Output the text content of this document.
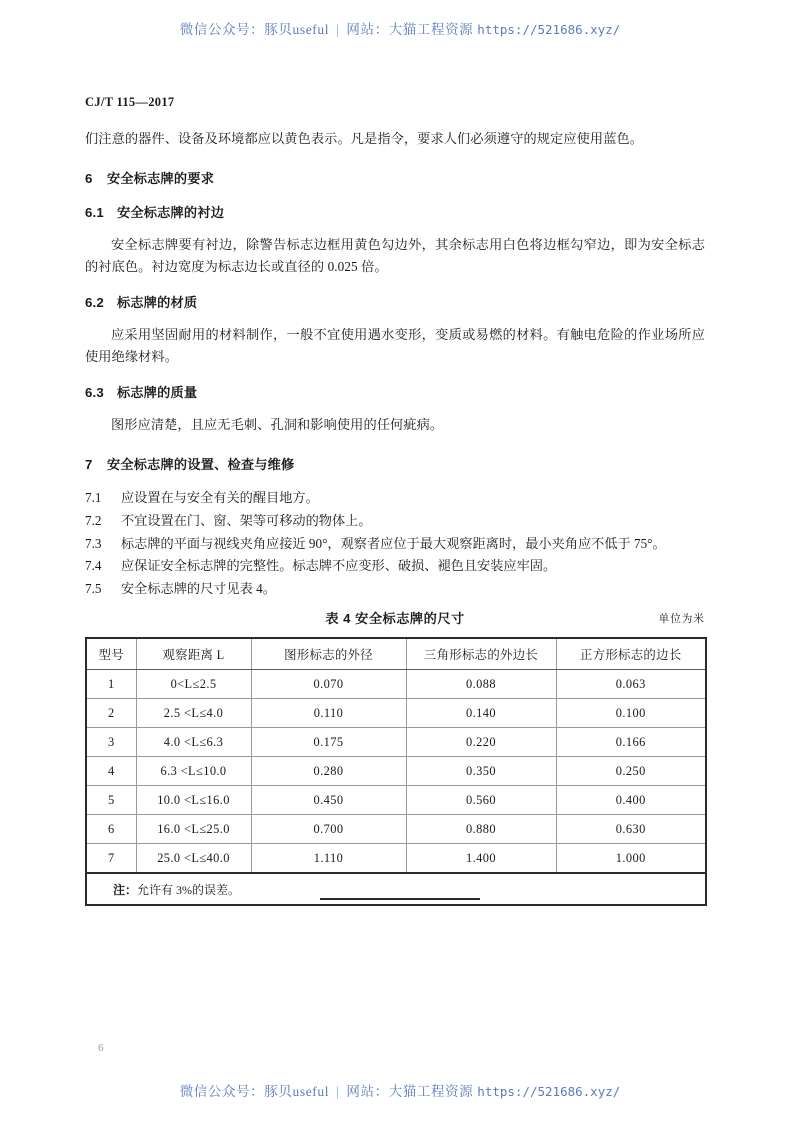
微信公众号：豚贝useful | 网站：大猫工程资源 https://521686.xyz/
CJ/T 115—2017

们注意的器件、设备及环境都应以黄色表示。凡是指令，要求人们必须遵守的规定应使用蓝色。

6 安全标志牌的要求
6.1 安全标志牌的衬边

安全标志牌要有衬边，除警告标志边框用黄色勾边外，其余标志用白色将边框勾窄边，即为安全标志的衬底色。衬边宽度为标志边长或直径的 0.025 倍。

6.2 标志牌的材质

应采用坚固耐用的材料制作，一般不宜使用遇水变形，变质或易燃的材料。有触电危险的作业场所应使用绝缘材料。

6.3 标志牌的质量

图形应清楚，且应无毛刺、孔洞和影响使用的任何疵病。

7 安全标志牌的设置、检查与维修
7.1	应设置在与安全有关的醒目地方。
7.2	不宜设置在门、窗、架等可移动的物体上。
7.3	标志牌的平面与视线夹角应接近 90°，观察者应位于最大观察距离时，最小夹角应不低于 75°。
7.4	应保证安全标志牌的完整性。标志牌不应变形、破损、褪色且安装应牢固。
7.5	安全标志牌的尺寸见表 4。
表 4 安全标志牌的尺寸	单位为米
型号	观察距离 L	图形标志的外径	三角形标志的外边长	正方形标志的边长
1	0<L≤2.5	0.070	0.088	0.063
2	2.5 <L≤4.0	0.110	0.140	0.100
3	4.0 <L≤6.3	0.175	0.220	0.166
4	6.3 <L≤10.0	0.280	0.350	0.250
5	10.0 <L≤16.0	0.450	0.560	0.400
6	16.0 <L≤25.0	0.700	0.880	0.630
7	25.0 <L≤40.0	1.110	1.400	1.000
注：允许有 3%的误差。				
6
微信公众号：豚贝useful | 网站：大猫工程资源 https://521686.xyz/
